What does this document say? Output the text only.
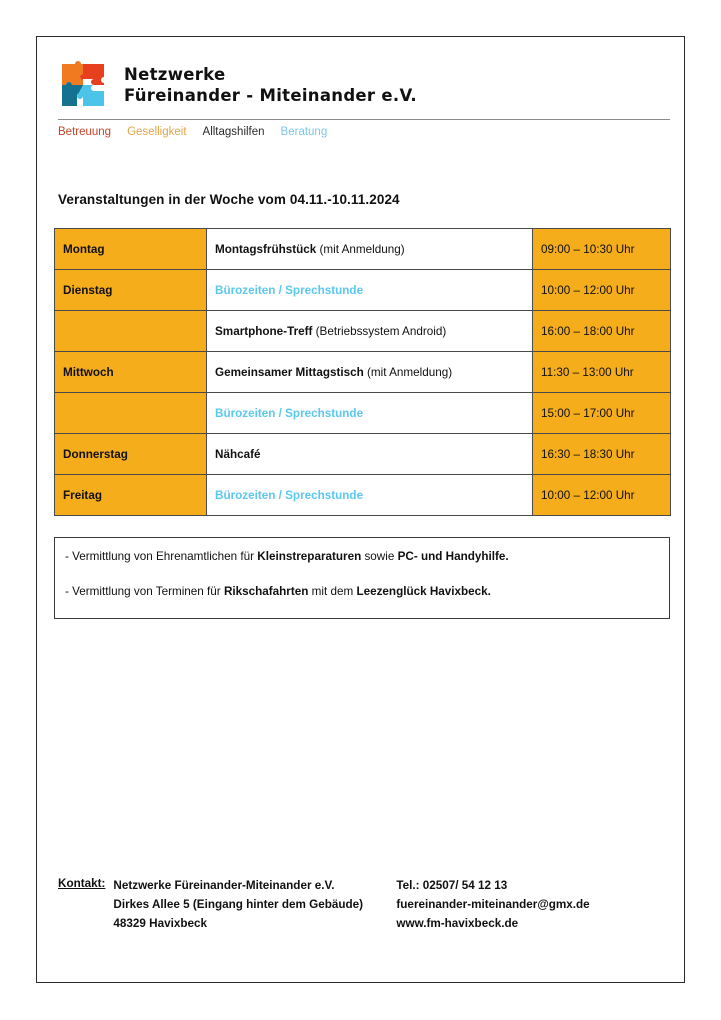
Netzwerke
Füreinander - Miteinander e.V.
Betreuung Geselligkeit Alltagshilfen Beratung
Veranstaltungen in der Woche vom 04.11.-10.11.2024
Montag	Montagsfrühstück (mit Anmeldung)	09:00 – 10:30 Uhr
Dienstag	Bürozeiten / Sprechstunde	10:00 – 12:00 Uhr
	Smartphone-Treff (Betriebssystem Android)	16:00 – 18:00 Uhr
Mittwoch	Gemeinsamer Mittagstisch (mit Anmeldung)	11:30 – 13:00 Uhr
	Bürozeiten / Sprechstunde	15:00 – 17:00 Uhr
Donnerstag	Nähcafé	16:30 – 18:30 Uhr
Freitag	Bürozeiten / Sprechstunde	10:00 – 12:00 Uhr
- Vermittlung von Ehrenamtlichen für Kleinstreparaturen sowie PC- und Handyhilfe.
- Vermittlung von Terminen für Rikschafahrten mit dem Leezenglück Havixbeck.
Kontakt: Netzwerke Füreinander-Miteinander e.V.
Dirkes Allee 5 (Eingang hinter dem Gebäude)
48329 Havixbeck
Tel.: 02507/ 54 12 13
fuereinander-miteinander@gmx.de
www.fm-havixbeck.de
